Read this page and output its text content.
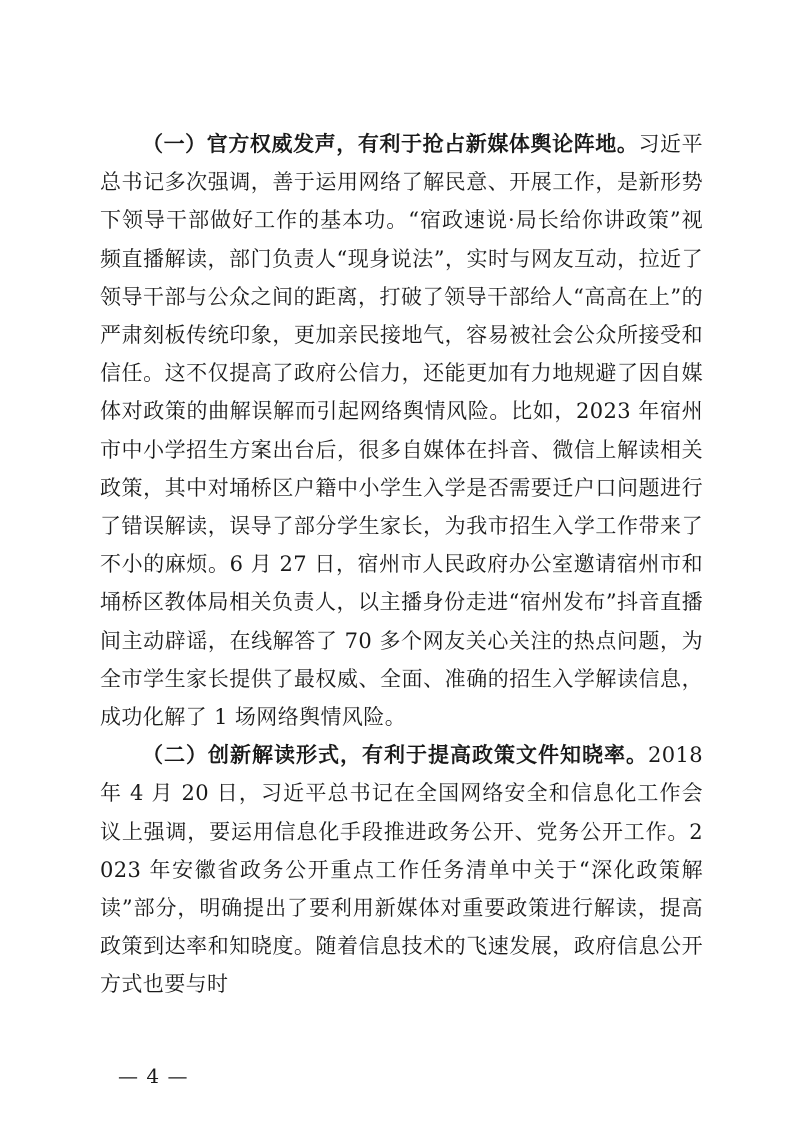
（一）官方权威发声，有利于抢占新媒体舆论阵地。习近平总书记多次强调，善于运用网络了解民意、开展工作，是新形势下领导干部做好工作的基本功。“宿政速说·局长给你讲政策”视频直播解读，部门负责人“现身说法”，实时与网友互动，拉近了领导干部与公众之间的距离，打破了领导干部给人“高高在上”的严肃刻板传统印象，更加亲民接地气，容易被社会公众所接受和信任。这不仅提高了政府公信力，还能更加有力地规避了因自媒体对政策的曲解误解而引起网络舆情风险。比如，2023 年宿州市中小学招生方案出台后，很多自媒体在抖音、微信上解读相关政策，其中对埇桥区户籍中小学生入学是否需要迁户口问题进行了错误解读，误导了部分学生家长，为我市招生入学工作带来了不小的麻烦。6 月 27 日，宿州市人民政府办公室邀请宿州市和埇桥区教体局相关负责人，以主播身份走进“宿州发布”抖音直播间主动辟谣，在线解答了 70 多个网友关心关注的热点问题，为全市学生家长提供了最权威、全面、准确的招生入学解读信息，成功化解了 1 场网络舆情风险。

（二）创新解读形式，有利于提高政策文件知晓率。2018 年 4 月 20 日，习近平总书记在全国网络安全和信息化工作会议上强调，要运用信息化手段推进政务公开、党务公开工作。2023 年安徽省政务公开重点工作任务清单中关于“深化政策解读”部分，明确提出了要利用新媒体对重要政策进行解读，提高政策到达率和知晓度。随着信息技术的飞速发展，政府信息公开方式也要与时

— 4 —
